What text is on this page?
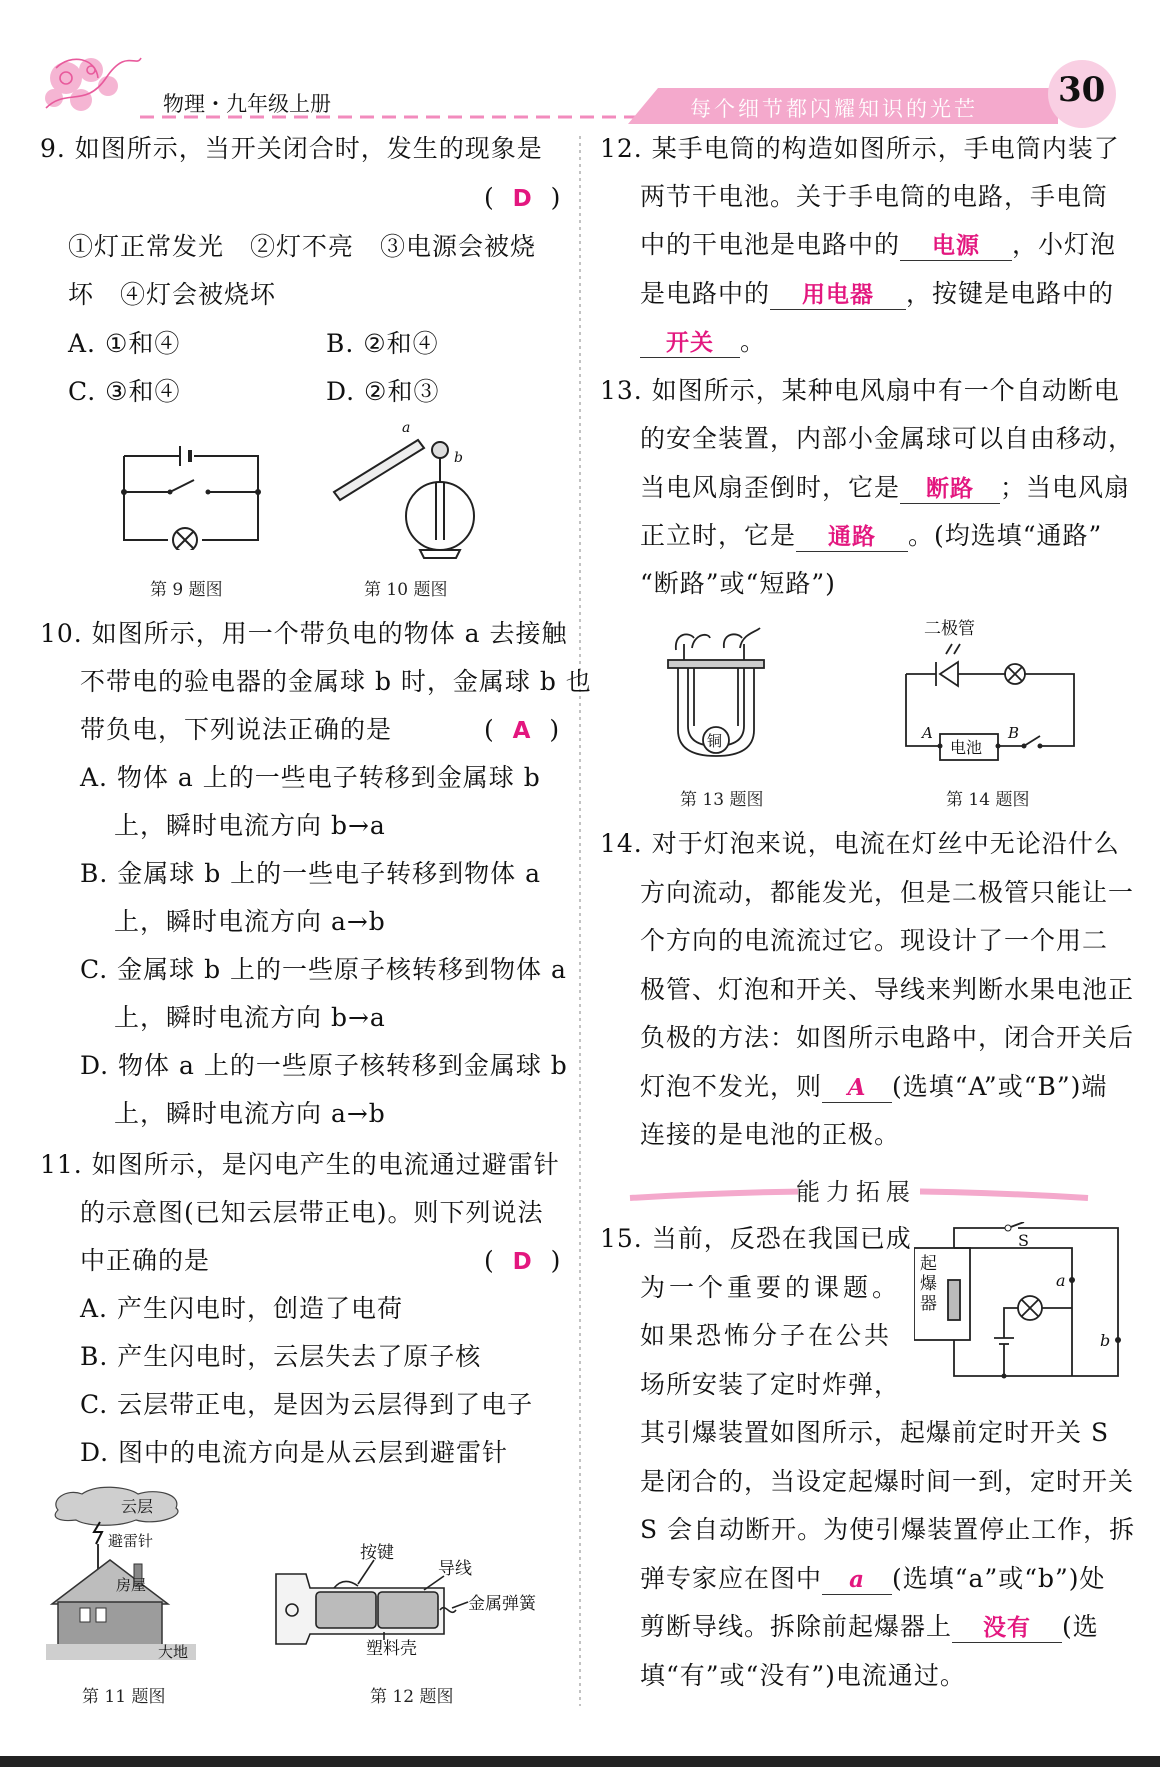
物理・九年级上册	每个细节都闪耀知识的光芒 30
9. 如图所示，当开关闭合时，发生的现象是
( D )
①灯正常发光　②灯不亮　③电源会被烧
坏　④灯会被烧坏
A. ①和④	B. ②和④
C. ③和④	D. ②和③
第 9 题图
a
b
第 10 题图
10. 如图所示，用一个带负电的物体 a 去接触
不带电的验电器的金属球 b 时，金属球 b 也
带负电，下列说法正确的是	( A )
A. 物体 a 上的一些电子转移到金属球 b
上，瞬时电流方向 b→a
B. 金属球 b 上的一些电子转移到物体 a
上，瞬时电流方向 a→b
C. 金属球 b 上的一些原子核转移到物体 a
上，瞬时电流方向 b→a
D. 物体 a 上的一些原子核转移到金属球 b
上，瞬时电流方向 a→b
11. 如图所示，是闪电产生的电流通过避雷针
的示意图(已知云层带正电)。则下列说法
中正确的是	( D )
A. 产生闪电时，创造了电荷
B. 产生闪电时，云层失去了原子核
C. 云层带正电，是因为云层得到了电子
D. 图中的电流方向是从云层到避雷针
云层
避雷针
房屋
大地
第 11 题图
按键
导线
金属弹簧
塑料壳
第 12 题图
12. 某手电筒的构造如图所示，手电筒内装了
两节干电池。关于手电筒的电路，手电筒
中的干电池是电路中的 电源 ，小灯泡
是电路中的 用电器 ，按键是电路中的
开关 。
13. 如图所示，某种电风扇中有一个自动断电
的安全装置，内部小金属球可以自由移动，
当电风扇歪倒时，它是 断路 ；当电风扇
正立时，它是 通路 。(均选填“通路”
“断路”或“短路”)
铜
第 13 题图
二极管
电池
A	B
第 14 题图
14. 对于灯泡来说，电流在灯丝中无论沿什么
方向流动，都能发光，但是二极管只能让一
个方向的电流流过它。现设计了一个用二
极管、灯泡和开关、导线来判断水果电池正
负极的方法：如图所示电路中，闭合开关后
灯泡不发光，则 A (选填“A”或“B”)端
连接的是电池的正极。
能力拓展
15. 当前，反恐在我国已成
为一个重要的课题。
如果恐怖分子在公共
场所安装了定时炸弹，
其引爆装置如图所示，起爆前定时开关 S
是闭合的，当设定起爆时间一到，定时开关
S 会自动断开。为使引爆装置停止工作，拆
弹专家应在图中 a (选填“a”或“b”)处
剪断导线。拆除前起爆器上 没有 (选
填“有”或“没有”)电流通过。
S
a
b
起爆器
